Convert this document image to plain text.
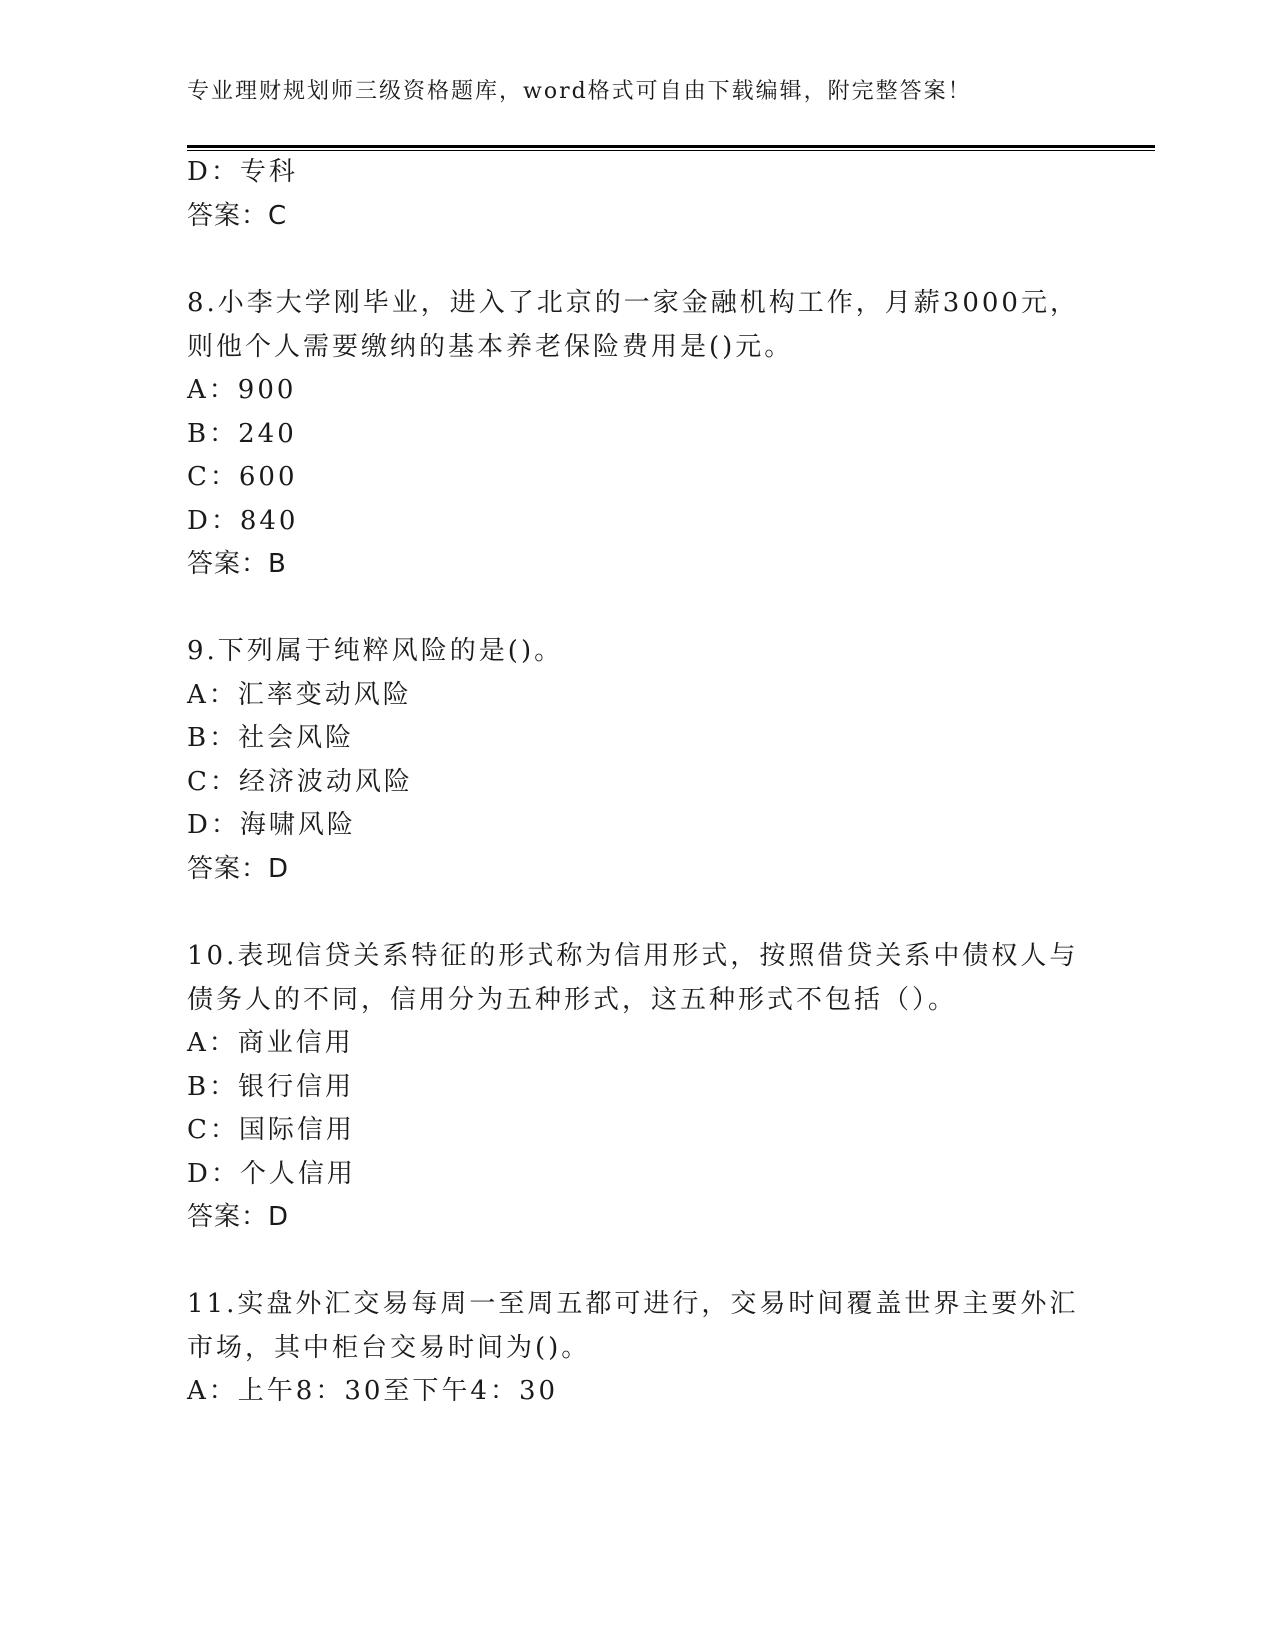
专业理财规划师三级资格题库，word格式可自由下载编辑，附完整答案！
D：专科
答案：C
8.小李大学刚毕业，进入了北京的一家金融机构工作，月薪3000元，
则他个人需要缴纳的基本养老保险费用是()元。
A：900
B：240
C：600
D：840
答案：B
9.下列属于纯粹风险的是()。
A：汇率变动风险
B：社会风险
C：经济波动风险
D：海啸风险
答案：D
10.表现信贷关系特征的形式称为信用形式，按照借贷关系中债权人与
债务人的不同，信用分为五种形式，这五种形式不包括（）。
A：商业信用
B：银行信用
C：国际信用
D：个人信用
答案：D
11.实盘外汇交易每周一至周五都可进行，交易时间覆盖世界主要外汇
市场，其中柜台交易时间为()。
A：上午8：30至下午4：30
